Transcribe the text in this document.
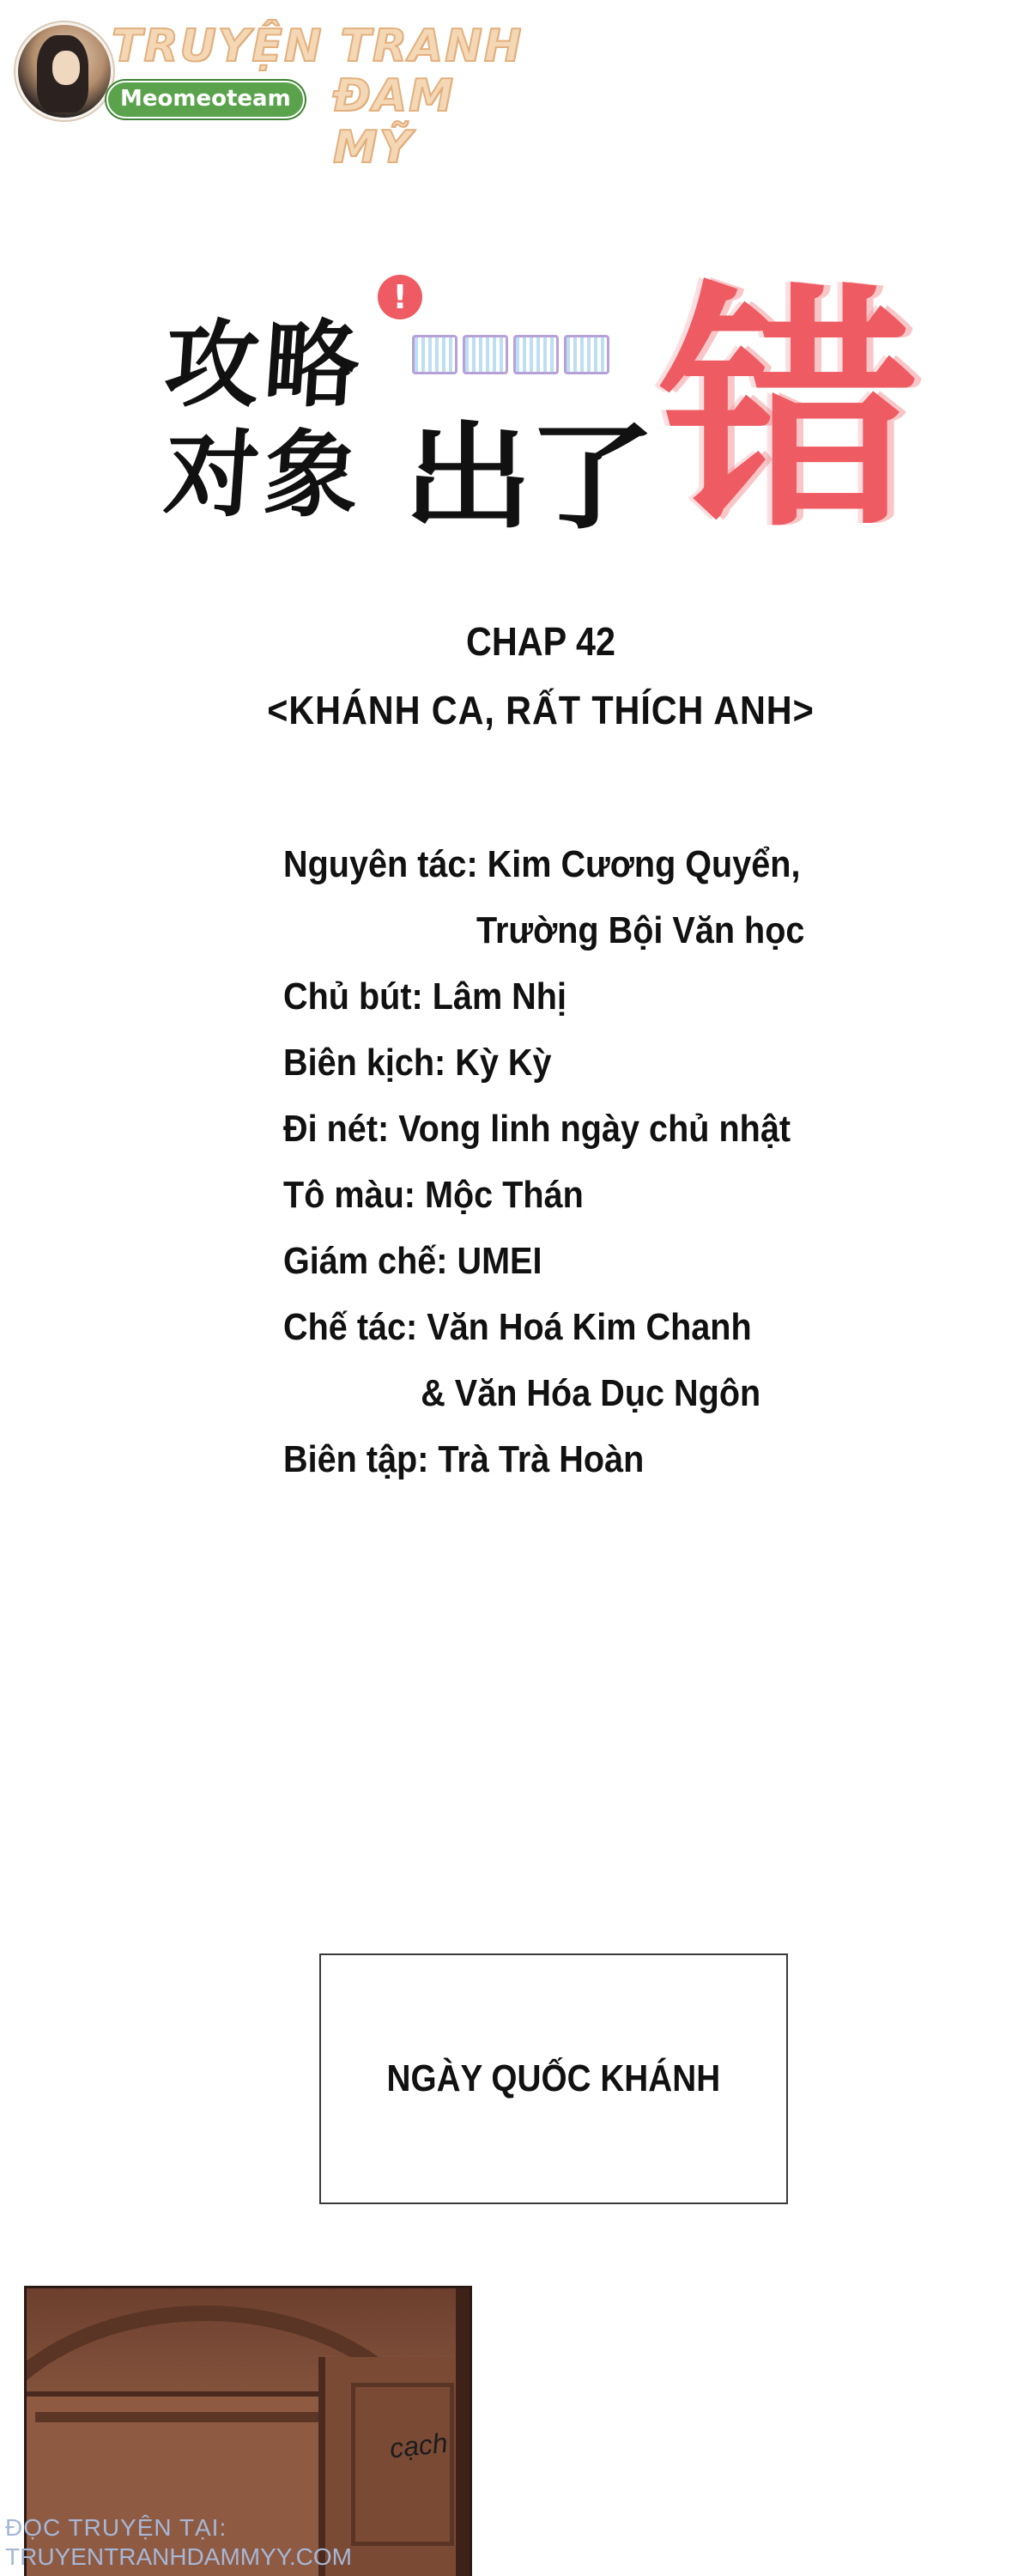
TRUYỆN TRANH
ĐAM MỸ
Meomeoteam
!
攻略
对象 出了 错
CHAP 42
<KHÁNH CA, RẤT THÍCH ANH>
Nguyên tác: Kim Cương Quyển,
Trường Bội Văn học
Chủ bút: Lâm Nhị
Biên kịch: Kỳ Kỳ
Đi nét: Vong linh ngày chủ nhật
Tô màu: Mộc Thán
Giám chế: UMEI
Chế tác: Văn Hoá Kim Chanh
& Văn Hóa Dục Ngôn
Biên tập: Trà Trà Hoàn
NGÀY QUỐC KHÁNH
cạch
ĐỌC TRUYỆN TẠI:
TRUYENTRANHDAMMYY.COM
